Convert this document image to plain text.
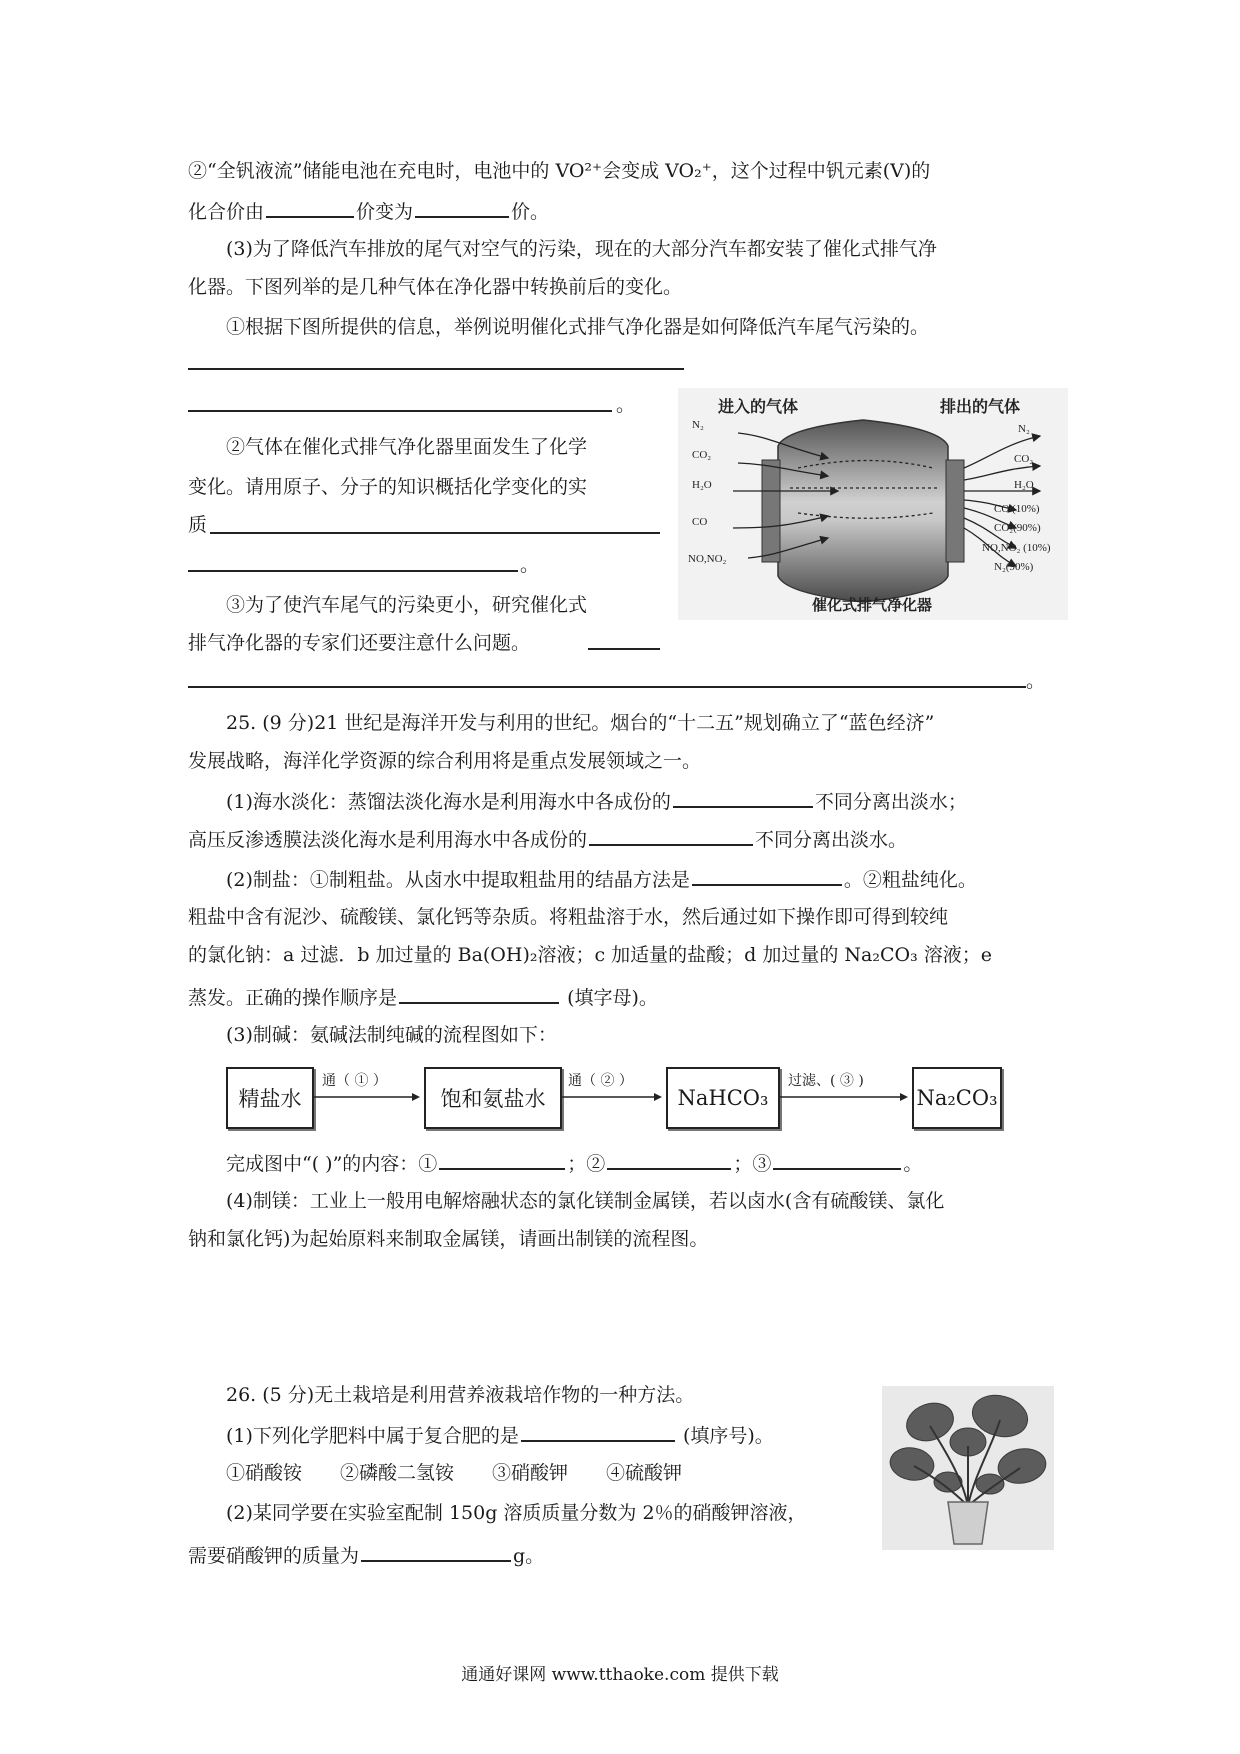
②“全钒液流”储能电池在充电时，电池中的 VO²⁺会变成 VO₂⁺，这个过程中钒元素(V)的
化合价由	价变为	价。
(3)为了降低汽车排放的尾气对空气的污染，现在的大部分汽车都安装了催化式排气净
化器。下图列举的是几种气体在净化器中转换前后的变化。
①根据下图所提供的信息，举例说明催化式排气净化器是如何降低汽车尾气污染的。
。
②气体在催化式排气净化器里面发生了化学
变化。请用原子、分子的知识概括化学变化的实
质
。
③为了使汽车尾气的污染更小，研究催化式
排气净化器的专家们还要注意什么问题。
。
进入的气体	排出的气体
N₂
CO₂
H₂O
CO
NO,NO₂
N₂
CO₂
H₂O
CO (10%)
CO₂(90%)
NO,NO₂ (10%)
N₂(90%)
催化式排气净化器
25. (9 分)21 世纪是海洋开发与利用的世纪。烟台的“十二五”规划确立了“蓝色经济”
发展战略，海洋化学资源的综合利用将是重点发展领域之一。
(1)海水淡化：蒸馏法淡化海水是利用海水中各成份的	不同分离出淡水；
高压反渗透膜法淡化海水是利用海水中各成份的	不同分离出淡水。
(2)制盐：①制粗盐。从卤水中提取粗盐用的结晶方法是	。②粗盐纯化。
粗盐中含有泥沙、硫酸镁、氯化钙等杂质。将粗盐溶于水，然后通过如下操作即可得到较纯
的氯化钠：a 过滤．b 加过量的 Ba(OH)₂溶液；c 加适量的盐酸；d 加过量的 Na₂CO₃ 溶液；e
蒸发。正确的操作顺序是	(填字母)。
(3)制碱：氨碱法制纯碱的流程图如下：
精盐水	饱和氨盐水	NaHCO₃	Na₂CO₃
通（ ① ）	通（ ② ）	过滤、( ③ )
完成图中“( )”的内容：①	；②	；③	。
(4)制镁：工业上一般用电解熔融状态的氯化镁制金属镁，若以卤水(含有硫酸镁、氯化
钠和氯化钙)为起始原料来制取金属镁，请画出制镁的流程图。
26. (5 分)无土栽培是利用营养液栽培作物的一种方法。
(1)下列化学肥料中属于复合肥的是	(填序号)。
①硝酸铵　　②磷酸二氢铵　　③硝酸钾　　④硫酸钾
(2)某同学要在实验室配制 150g 溶质质量分数为 2％的硝酸钾溶液，
需要硝酸钾的质量为	g。
通通好课网 www.tthaoke.com 提供下载
